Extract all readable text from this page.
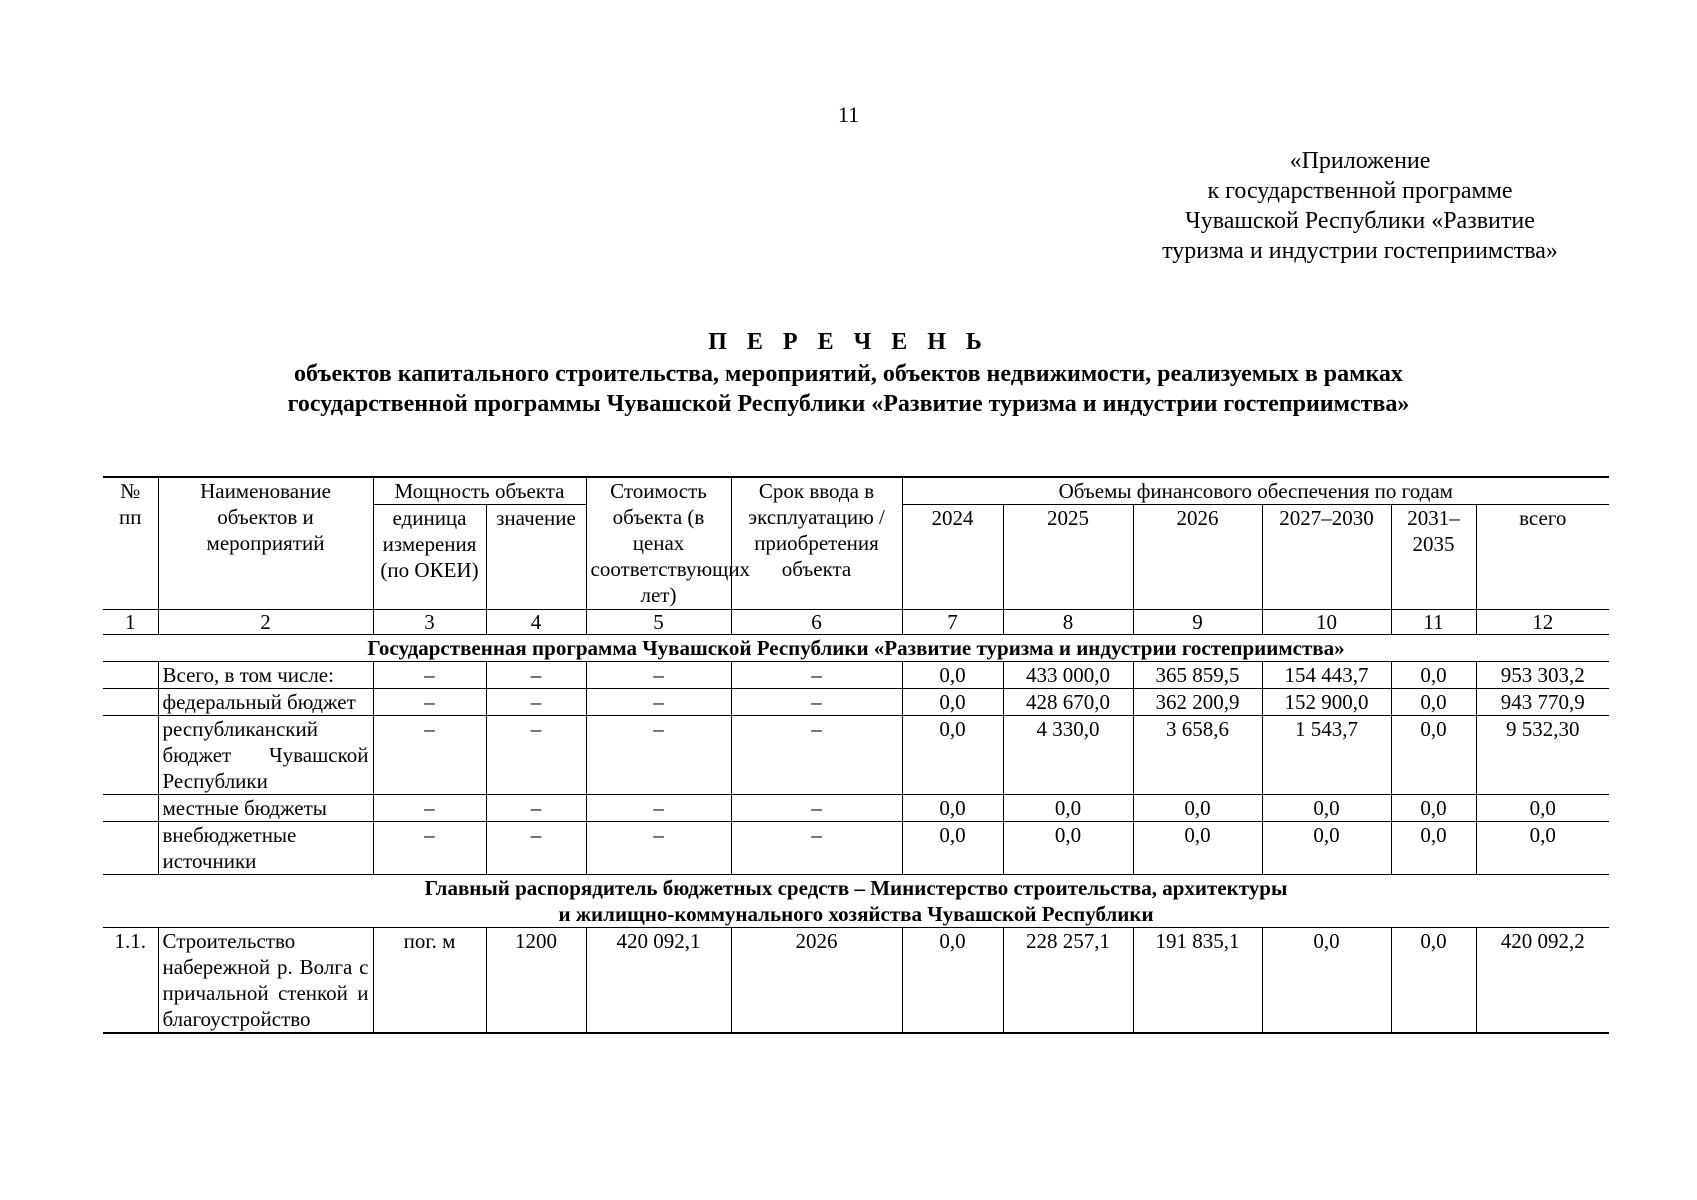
11
«Приложение
к государственной программе
Чувашской Республики «Развитие
туризма и индустрии гостеприимства»
П Е Р Е Ч Е Н Ь
объектов капитального строительства, мероприятий, объектов недвижимости, реализуемых в рамках
государственной программы Чувашской Республики «Развитие туризма и индустрии гостеприимства»
№ пп	Наименование объектов и мероприятий	Мощность объекта		Стоимость объекта (в ценах соответствующих лет)	Срок ввода в эксплуатацию / приобретения объекта	Объемы финансового обеспечения по годам					
		единица измерения (по ОКЕИ)	значение			2024	2025	2026	2027–2030	2031–2035	всего
1	2	3	4	5	6	7	8	9	10	11	12
Государственная программа Чувашской Республики «Развитие туризма и индустрии гостеприимства»											
	Всего, в том числе:	–	–	–	–	0,0	433 000,0	365 859,5	154 443,7	0,0	953 303,2
	федеральный бюджет	–	–	–	–	0,0	428 670,0	362 200,9	152 900,0	0,0	943 770,9
	республиканский бюджет Чувашской Республики	–	–	–	–	0,0	4 330,0	3 658,6	1 543,7	0,0	9 532,30
	местные бюджеты	–	–	–	–	0,0	0,0	0,0	0,0	0,0	0,0
	внебюджетные источники	–	–	–	–	0,0	0,0	0,0	0,0	0,0	0,0

Главный распорядитель бюджетных средств – Министерство строительства, архитектуры
и жилищно-коммунального хозяйства Чувашской Республики											

1.1.	Строительство набережной р. Волга с причальной стенкой и благоустройство	пог. м	1200	420 092,1	2026	0,0	228 257,1	191 835,1	0,0	0,0	420 092,2
